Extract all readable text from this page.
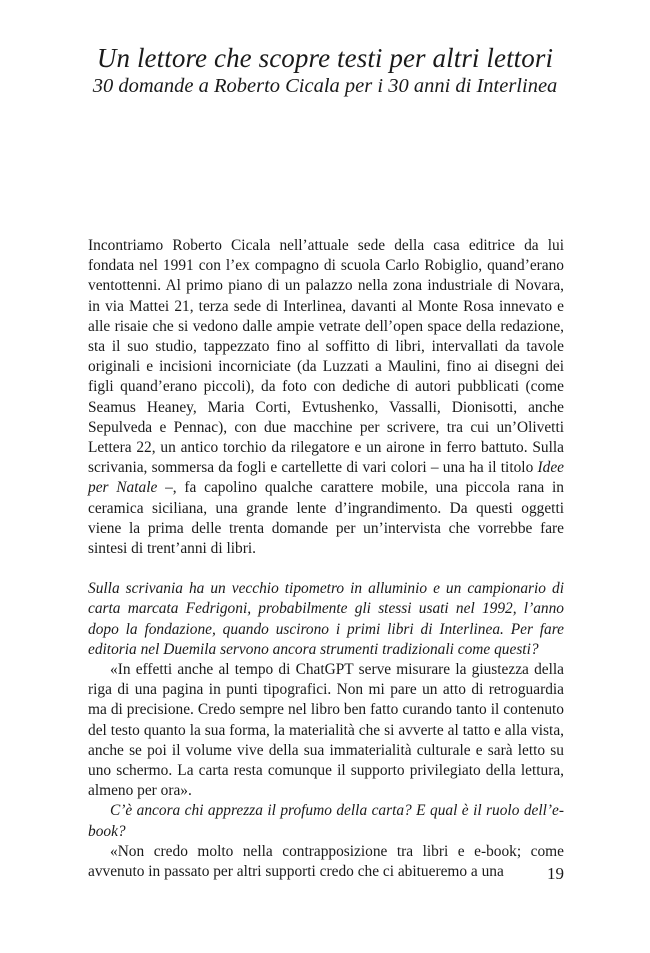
Un lettore che scopre testi per altri lettori
30 domande a Roberto Cicala per i 30 anni di Interlinea

Incontriamo Roberto Cicala nell’attuale sede della casa editrice da lui fondata nel 1991 con l’ex compagno di scuola Carlo Robiglio, quand’erano ventottenni. Al primo piano di un palazzo nella zona industriale di Novara, in via Mattei 21, terza sede di Interlinea, davanti al Monte Rosa innevato e alle risaie che si vedono dalle ampie vetrate dell’open space della redazione, sta il suo studio, tappezzato fino al soffitto di libri, intervallati da tavole originali e incisioni incorniciate (da Luzzati a Maulini, fino ai disegni dei figli quand’erano piccoli), da foto con dediche di autori pubblicati (come Seamus Heaney, Maria Corti, Evtushenko, Vassalli, Dionisotti, anche Sepulveda e Pennac), con due macchine per scrivere, tra cui un’Olivetti Lettera 22, un antico torchio da rilegatore e un airone in ferro battuto. Sulla scrivania, sommersa da fogli e cartellette di vari colori – una ha il titolo Idee per Natale –, fa capolino qualche carattere mobile, una piccola rana in ceramica siciliana, una grande lente d’ingrandimento. Da questi oggetti viene la prima delle trenta domande per un’intervista che vorrebbe fare sintesi di trent’anni di libri.

Sulla scrivania ha un vecchio tipometro in alluminio e un campionario di carta marcata Fedrigoni, probabilmente gli stessi usati nel 1992, l’anno dopo la fondazione, quando uscirono i primi libri di Interlinea. Per fare editoria nel Duemila servono ancora strumenti tradizionali come questi?

«In effetti anche al tempo di ChatGPT serve misurare la giustezza della riga di una pagina in punti tipografici. Non mi pare un atto di retroguardia ma di precisione. Credo sempre nel libro ben fatto curando tanto il contenuto del testo quanto la sua forma, la materialità che si avverte al tatto e alla vista, anche se poi il volume vive della sua immaterialità culturale e sarà letto su uno schermo. La carta resta comunque il supporto privilegiato della lettura, almeno per ora».

C’è ancora chi apprezza il profumo della carta? E qual è il ruolo dell’e-book?

«Non credo molto nella contrapposizione tra libri e e-book; come avvenuto in passato per altri supporti credo che ci abitueremo a una	19
